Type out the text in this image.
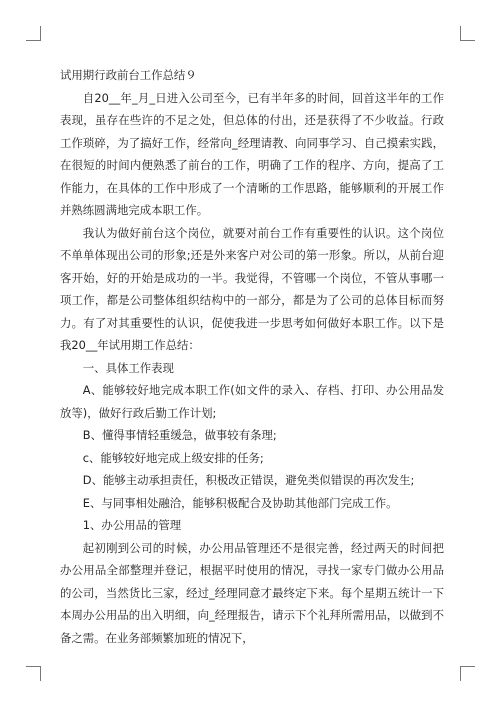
试用期行政前台工作总结９

自20__年_月_日进入公司至今，已有半年多的时间，回首这半年的工作表现，虽存在些许的不足之处，但总体的付出，还是获得了不少收益。行政工作琐碎，为了搞好工作，经常向_经理请教、向同事学习、自己摸索实践，在很短的时间内便熟悉了前台的工作，明确了工作的程序、方向，提高了工作能力，在具体的工作中形成了一个清晰的工作思路，能够顺利的开展工作并熟练圆满地完成本职工作。

我认为做好前台这个岗位，就要对前台工作有重要性的认识。这个岗位不单单体现出公司的形象;还是外来客户对公司的第一形象。所以，从前台迎客开始，好的开始是成功的一半。我觉得，不管哪一个岗位，不管从事哪一项工作，都是公司整体组织结构中的一部分，都是为了公司的总体目标而努力。有了对其重要性的认识，促使我进一步思考如何做好本职工作。以下是我20__年试用期工作总结：

一、具体工作表现

A、能够较好地完成本职工作(如文件的录入、存档、打印、办公用品发放等)，做好行政后勤工作计划;

B、懂得事情轻重缓急，做事较有条理;

c、能够较好地完成上级安排的任务;

D、能够主动承担责任，积极改正错误，避免类似错误的再次发生;

E、与同事相处融洽，能够积极配合及协助其他部门完成工作。

1、办公用品的管理

起初刚到公司的时候，办公用品管理还不是很完善，经过两天的时间把办公用品全部整理并登记，根据平时使用的情况，寻找一家专门做办公用品的公司，当然货比三家，经过_经理同意才最终定下来。每个星期五统计一下本周办公用品的出入明细，向_经理报告，请示下个礼拜所需用品，以做到不备之需。在业务部频繁加班的情况下，
